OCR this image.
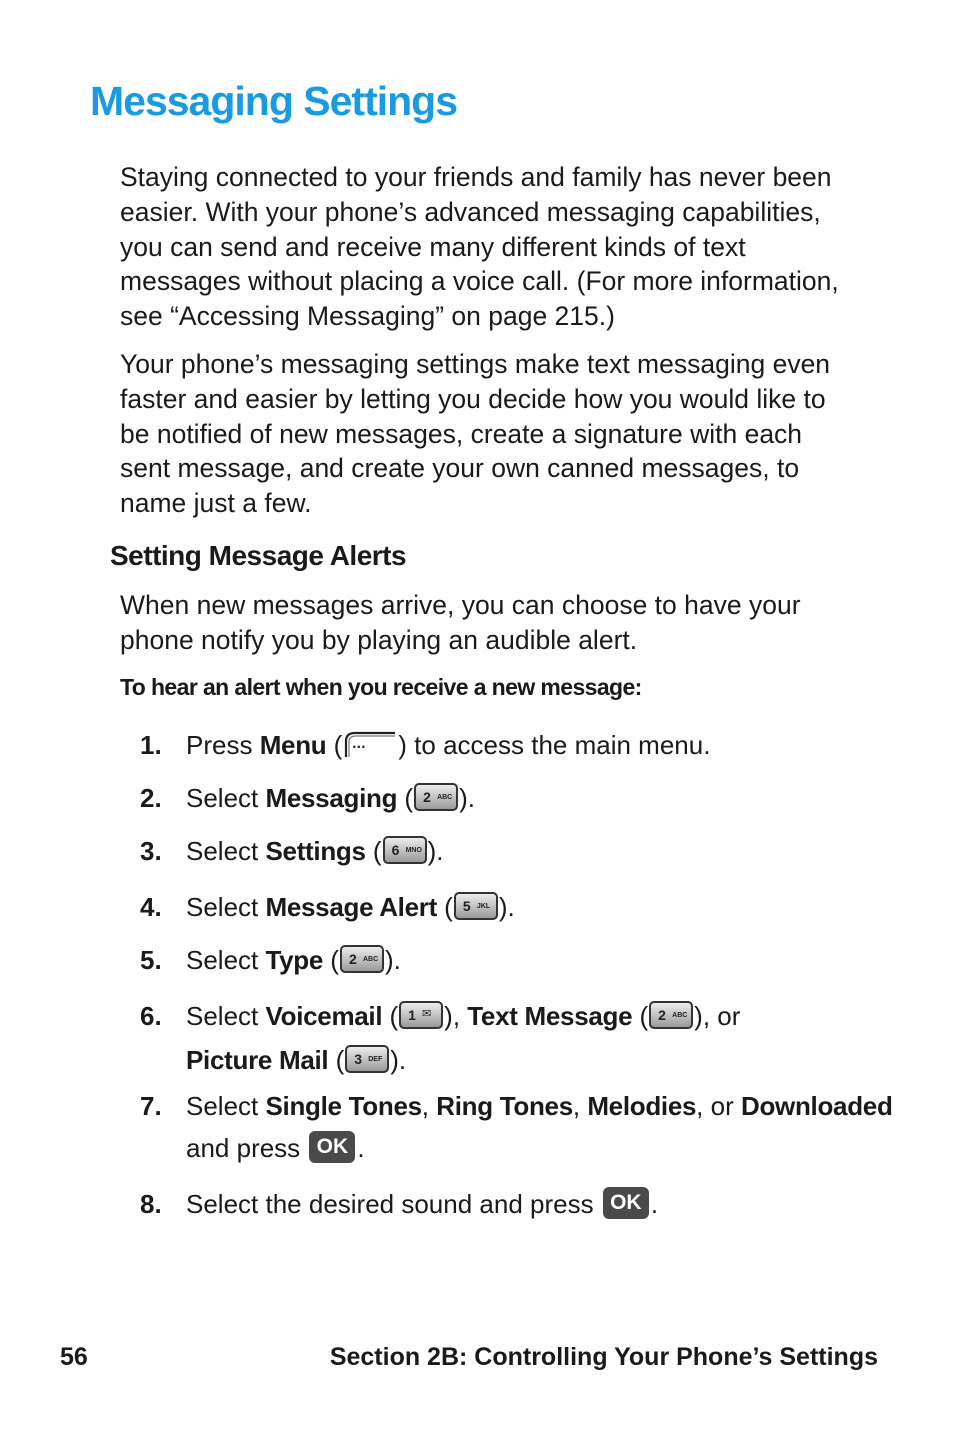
Messaging Settings
Staying connected to your friends and family has never been
easier. With your phone’s advanced messaging capabilities,
you can send and receive many different kinds of text
messages without placing a voice call. (For more information,
see “Accessing Messaging” on page 215.)
Your phone’s messaging settings make text messaging even
faster and easier by letting you decide how you would like to
be notified of new messages, create a signature with each
sent message, and create your own canned messages, to
name just a few.
Setting Message Alerts
When new messages arrive, you can choose to have your
phone notify you by playing an audible alert.
To hear an alert when you receive a new message:
1. Press Menu ( ··· ) to access the main menu.
2. Select Messaging ( 2 ABC ).
3. Select Settings ( 6 MNO ).
4. Select Message Alert ( 5 JKL ).
5. Select Type ( 2 ABC ).
6. Select Voicemail ( 1 ✉ ), Text Message ( 2 ABC ), or
Picture Mail ( 3 DEF ).
7. Select Single Tones, Ring Tones, Melodies, or Downloaded
and press OK .
8. Select the desired sound and press OK .
56	Section 2B: Controlling Your Phone’s Settings
